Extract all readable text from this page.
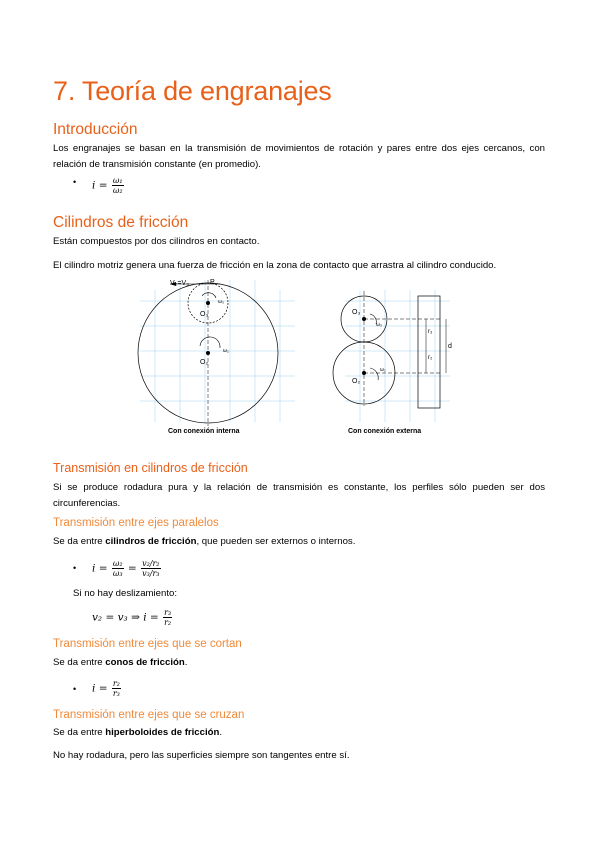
7. Teoría de engranajes
Introducción
Los engranajes se basan en la transmisión de movimientos de rotación y pares entre dos ejes cercanos, con relación de transmisión constante (en promedio).
• $i = \frac{\text{ω₁}}{\text{ω₂}}$
Cilindros de fricción
Están compuestos por dos cilindros en contacto.
El cilindro motriz genera una fuerza de fricción en la zona de contacto que arrastra al cilindro conducido.
V₂=V₃	P
O₃
ω₃
O₂
ω₂
O₃
ω₃
O₂
ω₂
r₃
r₂
d
Con conexión interna	Con conexión externa
Transmisión en cilindros de fricción
Si se produce rodadura pura y la relación de transmisión es constante, los perfiles sólo pueden ser dos circunferencias.
Transmisión entre ejes paralelos
Se da entre cilindros de fricción, que pueden ser externos o internos.
• $i = \frac{\text{ω₂}}{\text{ω₃}} = \frac{\text{v₂/r₂}}{\text{v₃/r₃}}$
Si no hay deslizamiento:
v₂ = v₃ ⇒ $i = \frac{\text{r₃}}{\text{r₂}}$
Transmisión entre ejes que se cortan
Se da entre conos de fricción.
• $i = \frac{\text{r₂}}{\text{r₃}}$
Transmisión entre ejes que se cruzan
Se da entre hiperboloides de fricción.
No hay rodadura, pero las superficies siempre son tangentes entre sí.
